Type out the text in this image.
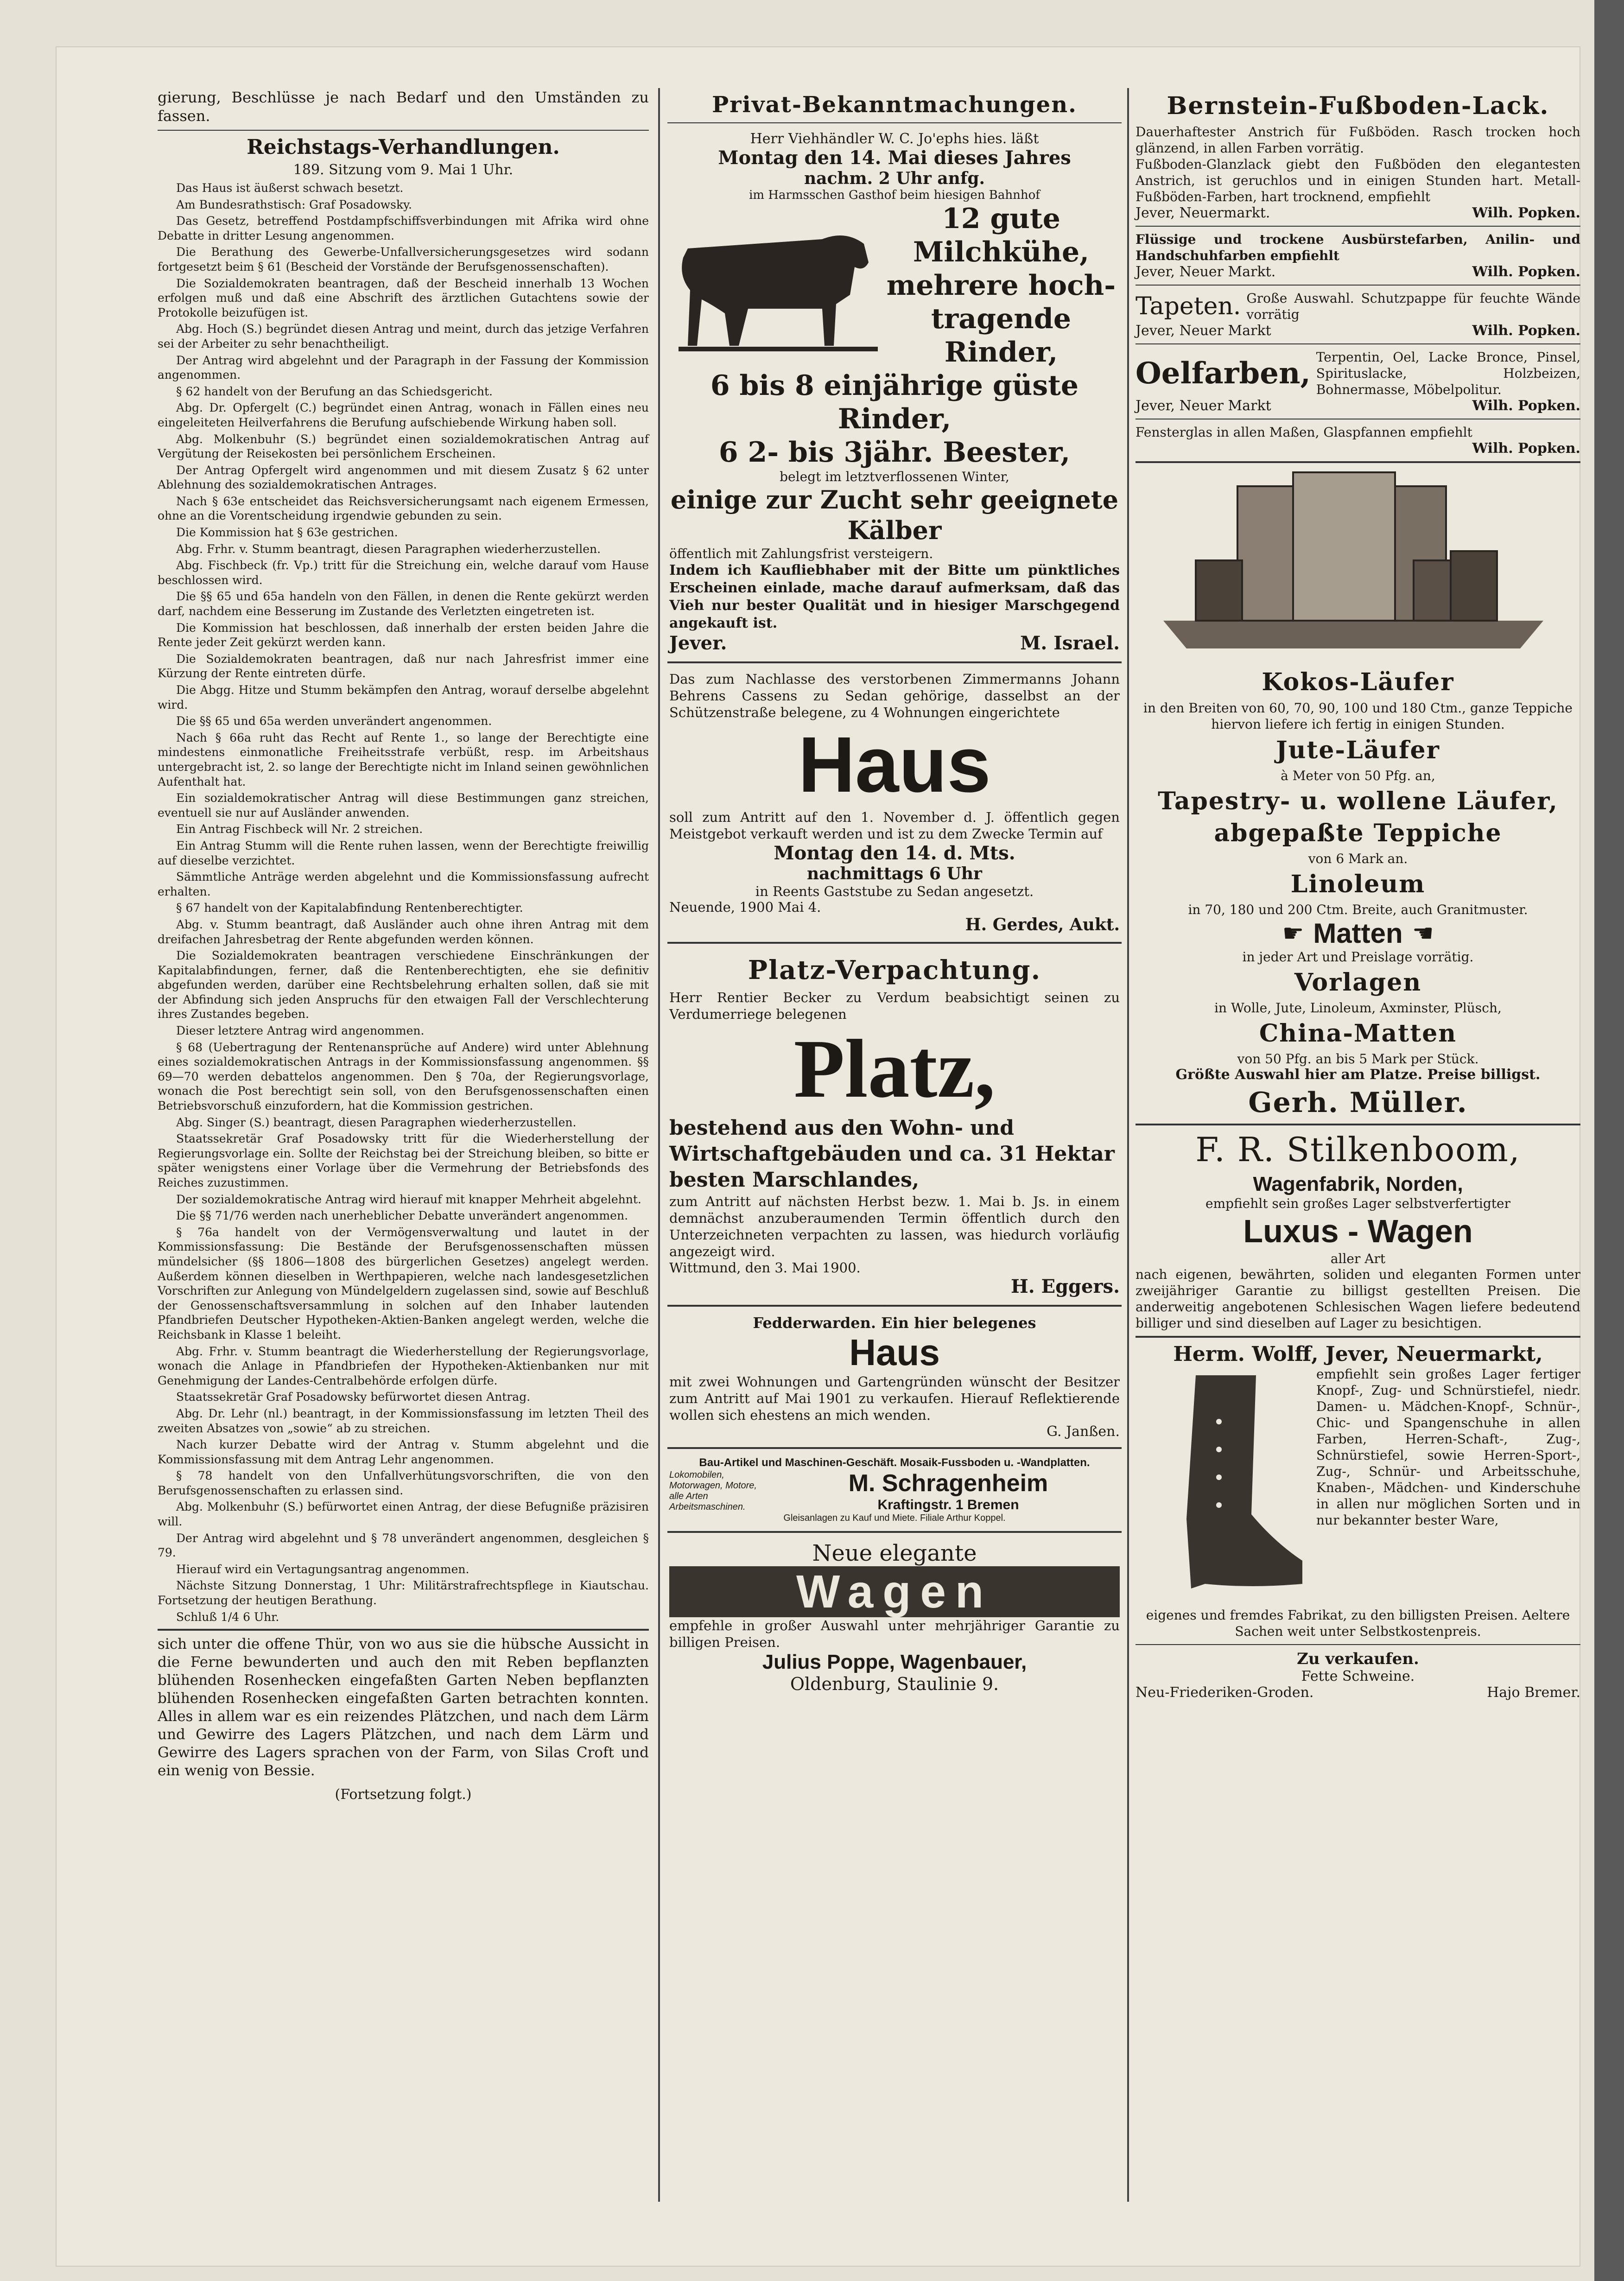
gierung, Beschlüsse je nach Bedarf und den Umständen zu fassen.
Reichstags-Verhandlungen.
189. Sitzung vom 9. Mai 1 Uhr.

Das Haus ist äußerst schwach besetzt.

Am Bundesrathstisch: Graf Posadowsky.

Das Gesetz, betreffend Postdampfschiffsverbindungen mit Afrika wird ohne Debatte in dritter Lesung angenommen.

Die Berathung des Gewerbe-Unfallversicherungsgesetzes wird sodann fortgesetzt beim § 61 (Bescheid der Vorstände der Berufsgenossenschaften).

Die Sozialdemokraten beantragen, daß der Bescheid innerhalb 13 Wochen erfolgen muß und daß eine Abschrift des ärztlichen Gutachtens sowie der Protokolle beizufügen ist.

Abg. Hoch (S.) begründet diesen Antrag und meint, durch das jetzige Verfahren sei der Arbeiter zu sehr benachtheiligt.

Der Antrag wird abgelehnt und der Paragraph in der Fassung der Kommission angenommen.

§ 62 handelt von der Berufung an das Schiedsgericht.

Abg. Dr. Opfergelt (C.) begründet einen Antrag, wonach in Fällen eines neu eingeleiteten Heilverfahrens die Berufung aufschiebende Wirkung haben soll.

Abg. Molkenbuhr (S.) begründet einen sozialdemokratischen Antrag auf Vergütung der Reisekosten bei persönlichem Erscheinen.

Der Antrag Opfergelt wird angenommen und mit diesem Zusatz § 62 unter Ablehnung des sozialdemokratischen Antrages.

Nach § 63e entscheidet das Reichsversicherungsamt nach eigenem Ermessen, ohne an die Vorentscheidung irgendwie gebunden zu sein.

Die Kommission hat § 63e gestrichen.

Abg. Frhr. v. Stumm beantragt, diesen Paragraphen wiederherzustellen.

Abg. Fischbeck (fr. Vp.) tritt für die Streichung ein, welche darauf vom Hause beschlossen wird.

Die §§ 65 und 65a handeln von den Fällen, in denen die Rente gekürzt werden darf, nachdem eine Besserung im Zustande des Verletzten eingetreten ist.

Die Kommission hat beschlossen, daß innerhalb der ersten beiden Jahre die Rente jeder Zeit gekürzt werden kann.

Die Sozialdemokraten beantragen, daß nur nach Jahresfrist immer eine Kürzung der Rente eintreten dürfe.

Die Abgg. Hitze und Stumm bekämpfen den Antrag, worauf derselbe abgelehnt wird.

Die §§ 65 und 65a werden unverändert angenommen.

Nach § 66a ruht das Recht auf Rente 1., so lange der Berechtigte eine mindestens einmonatliche Freiheitsstrafe verbüßt, resp. im Arbeitshaus untergebracht ist, 2. so lange der Berechtigte nicht im Inland seinen gewöhnlichen Aufenthalt hat.

Ein sozialdemokratischer Antrag will diese Bestimmungen ganz streichen, eventuell sie nur auf Ausländer anwenden.

Ein Antrag Fischbeck will Nr. 2 streichen.

Ein Antrag Stumm will die Rente ruhen lassen, wenn der Berechtigte freiwillig auf dieselbe verzichtet.

Sämmtliche Anträge werden abgelehnt und die Kommissionsfassung aufrecht erhalten.

§ 67 handelt von der Kapitalabfindung Rentenberechtigter.

Abg. v. Stumm beantragt, daß Ausländer auch ohne ihren Antrag mit dem dreifachen Jahresbetrag der Rente abgefunden werden können.

Die Sozialdemokraten beantragen verschiedene Einschränkungen der Kapitalabfindungen, ferner, daß die Rentenberechtigten, ehe sie definitiv abgefunden werden, darüber eine Rechtsbelehrung erhalten sollen, daß sie mit der Abfindung sich jeden Anspruchs für den etwaigen Fall der Verschlechterung ihres Zustandes begeben.

Dieser letztere Antrag wird angenommen.

§ 68 (Uebertragung der Rentenansprüche auf Andere) wird unter Ablehnung eines sozialdemokratischen Antrags in der Kommissionsfassung angenommen. §§ 69—70 werden debattelos angenommen. Den § 70a, der Regierungsvorlage, wonach die Post berechtigt sein soll, von den Berufsgenossenschaften einen Betriebsvorschuß einzufordern, hat die Kommission gestrichen.

Abg. Singer (S.) beantragt, diesen Paragraphen wiederherzustellen.

Staatssekretär Graf Posadowsky tritt für die Wiederherstellung der Regierungsvorlage ein. Sollte der Reichstag bei der Streichung bleiben, so bitte er später wenigstens einer Vorlage über die Vermehrung der Betriebsfonds des Reiches zuzustimmen.

Der sozialdemokratische Antrag wird hierauf mit knapper Mehrheit abgelehnt.

Die §§ 71/76 werden nach unerheblicher Debatte unverändert angenommen.

§ 76a handelt von der Vermögensverwaltung und lautet in der Kommissionsfassung: Die Bestände der Berufsgenossenschaften müssen mündelsicher (§§ 1806—1808 des bürgerlichen Gesetzes) angelegt werden. Außerdem können dieselben in Werthpapieren, welche nach landesgesetzlichen Vorschriften zur Anlegung von Mündelgeldern zugelassen sind, sowie auf Beschluß der Genossenschaftsversammlung in solchen auf den Inhaber lautenden Pfandbriefen Deutscher Hypotheken-Aktien-Banken angelegt werden, welche die Reichsbank in Klasse 1 beleiht.

Abg. Frhr. v. Stumm beantragt die Wiederherstellung der Regierungsvorlage, wonach die Anlage in Pfandbriefen der Hypotheken-Aktienbanken nur mit Genehmigung der Landes-Centralbehörde erfolgen dürfe.

Staatssekretär Graf Posadowsky befürwortet diesen Antrag.

Abg. Dr. Lehr (nl.) beantragt, in der Kommissionsfassung im letzten Theil des zweiten Absatzes von „sowie“ ab zu streichen.

Nach kurzer Debatte wird der Antrag v. Stumm abgelehnt und die Kommissionsfassung mit dem Antrag Lehr angenommen.

§ 78 handelt von den Unfallverhütungsvorschriften, die von den Berufsgenossenschaften zu erlassen sind.

Abg. Molkenbuhr (S.) befürwortet einen Antrag, der diese Befugniße präzisiren will.

Der Antrag wird abgelehnt und § 78 unverändert angenommen, desgleichen § 79.

Hierauf wird ein Vertagungsantrag angenommen.

Nächste Sitzung Donnerstag, 1 Uhr: Militärstrafrechtspflege in Kiautschau. Fortsetzung der heutigen Berathung.

Schluß 1/4 6 Uhr.

sich unter die offene Thür, von wo aus sie die hübsche Aussicht in die Ferne bewunderten und auch den mit Reben bepflanzten blühenden Rosenhecken eingefaßten Garten Neben bepflanzten blühenden Rosenhecken eingefaßten Garten betrachten konnten. Alles in allem war es ein reizendes Plätzchen, und nach dem Lärm und Gewirre des Lagers Plätzchen, und nach dem Lärm und Gewirre des Lagers sprachen von der Farm, von Silas Croft und ein wenig von Bessie.
(Fortsetzung folgt.)
Privat-Bekanntmachungen.
Herr Viehhändler W. C. Jo'ephs hies. läßt
Montag den 14. Mai dieses Jahres
nachm. 2 Uhr anfg.
im Harmsschen Gasthof beim hiesigen Bahnhof
12 gute Milchkühe, mehrere hoch- tragende Rinder,
6 bis 8 einjährige güste Rinder,
6 2- bis 3jähr. Beester,
belegt im letztverflossenen Winter,
einige zur Zucht sehr geeignete Kälber
öffentlich mit Zahlungsfrist versteigern.
Indem ich Kaufliebhaber mit der Bitte um pünktliches Erscheinen einlade, mache darauf aufmerksam, daß das Vieh nur bester Qualität und in hiesiger Marschgegend angekauft ist.
Jever.	M. Israel.
Das zum Nachlasse des verstorbenen Zimmermanns Johann Behrens Cassens zu Sedan gehörige, dasselbst an der Schützenstraße belegene, zu 4 Wohnungen eingerichtete
Haus
soll zum Antritt auf den 1. November d. J. öffentlich gegen Meistgebot verkauft werden und ist zu dem Zwecke Termin auf
Montag den 14. d. Mts.
nachmittags 6 Uhr
in Reents Gaststube zu Sedan angesetzt.
Neuende, 1900 Mai 4.
H. Gerdes, Aukt.
Platz-Verpachtung.
Herr Rentier Becker zu Verdum beabsichtigt seinen zu Verdumerriege belegenen
Platz,
bestehend aus den Wohn- und Wirtschaftgebäuden und ca. 31 Hektar besten Marschlandes,
zum Antritt auf nächsten Herbst bezw. 1. Mai b. Js. in einem demnächst anzuberaumenden Termin öffentlich durch den Unterzeichneten verpachten zu lassen, was hiedurch vorläufig angezeigt wird.
Wittmund, den 3. Mai 1900.
H. Eggers.
Fedderwarden. Ein hier belegenes
Haus
mit zwei Wohnungen und Gartengründen wünscht der Besitzer zum Antritt auf Mai 1901 zu verkaufen. Hierauf Reflektierende wollen sich ehestens an mich wenden.
G. Janßen.
Bau-Artikel und Maschinen-Geschäft. Mosaik-Fussboden u. -Wandplatten.
Lokomobilen, Motorwagen, Motore, alle Arten Arbeitsmaschinen.
M. Schragenheim
Kraftingstr. 1 Bremen
Gleisanlagen zu Kauf und Miete. Filiale Arthur Koppel.
Neue elegante
Wagen
empfehle in großer Auswahl unter mehrjähriger Garantie zu billigen Preisen.
Julius Poppe, Wagenbauer,
Oldenburg, Staulinie 9.
Bernstein-Fußboden-Lack.
Dauerhaftester Anstrich für Fußböden. Rasch trocken hoch glänzend, in allen Farben vorrätig.
Fußboden-Glanzlack giebt den Fußböden den elegantesten Anstrich, ist geruchlos und in einigen Stunden hart. Metall-Fußböden-Farben, hart trocknend, empfiehlt
Jever, Neuermarkt.	Wilh. Popken.
Flüssige und trockene Ausbürstefarben, Anilin- und Handschuhfarben empfiehlt
Jever, Neuer Markt.	Wilh. Popken.
Tapeten. Große Auswahl. Schutzpappe für feuchte Wände vorrätig
Jever, Neuer Markt	Wilh. Popken.
Oelfarben, Terpentin, Oel, Lacke Bronce, Pinsel, Spirituslacke, Holzbeizen, Bohnermasse, Möbelpolitur.
Jever, Neuer Markt	Wilh. Popken.
Fensterglas in allen Maßen, Glaspfannen empfiehlt
Wilh. Popken.
Kokos-Läufer
in den Breiten von 60, 70, 90, 100 und 180 Ctm., ganze Teppiche hiervon liefere ich fertig in einigen Stunden.
Jute-Läufer
à Meter von 50 Pfg. an,
Tapestry- u. wollene Läufer,
abgepaßte Teppiche
von 6 Mark an.
Linoleum
in 70, 180 und 200 Ctm. Breite, auch Granitmuster.
☛ Matten ☛
in jeder Art und Preislage vorrätig.
Vorlagen
in Wolle, Jute, Linoleum, Axminster, Plüsch,
China-Matten
von 50 Pfg. an bis 5 Mark per Stück.
Größte Auswahl hier am Platze. Preise billigst.
Gerh. Müller.
F. R. Stilkenboom,
Wagenfabrik, Norden,
empfiehlt sein großes Lager selbstverfertigter
Luxus - Wagen
aller Art
nach eigenen, bewährten, soliden und eleganten Formen unter zweijähriger Garantie zu billigst gestellten Preisen. Die anderweitig angebotenen Schlesischen Wagen liefere bedeutend billiger und sind dieselben auf Lager zu besichtigen.
Herm. Wolff, Jever, Neuermarkt,
empfiehlt sein großes Lager fertiger Knopf-, Zug- und Schnürstiefel, niedr. Damen- u. Mädchen-Knopf-, Schnür-, Chic- und Spangenschuhe in allen Farben, Herren-Schaft-, Zug-, Schnürstiefel, sowie Herren-Sport-, Zug-, Schnür- und Arbeitsschuhe, Knaben-, Mädchen- und Kinderschuhe in allen nur möglichen Sorten und in nur bekannter bester Ware,
eigenes und fremdes Fabrikat, zu den billigsten Preisen. Aeltere Sachen weit unter Selbstkostenpreis.
Zu verkaufen.
Fette Schweine.
Neu-Friederiken-Groden.	Hajo Bremer.
